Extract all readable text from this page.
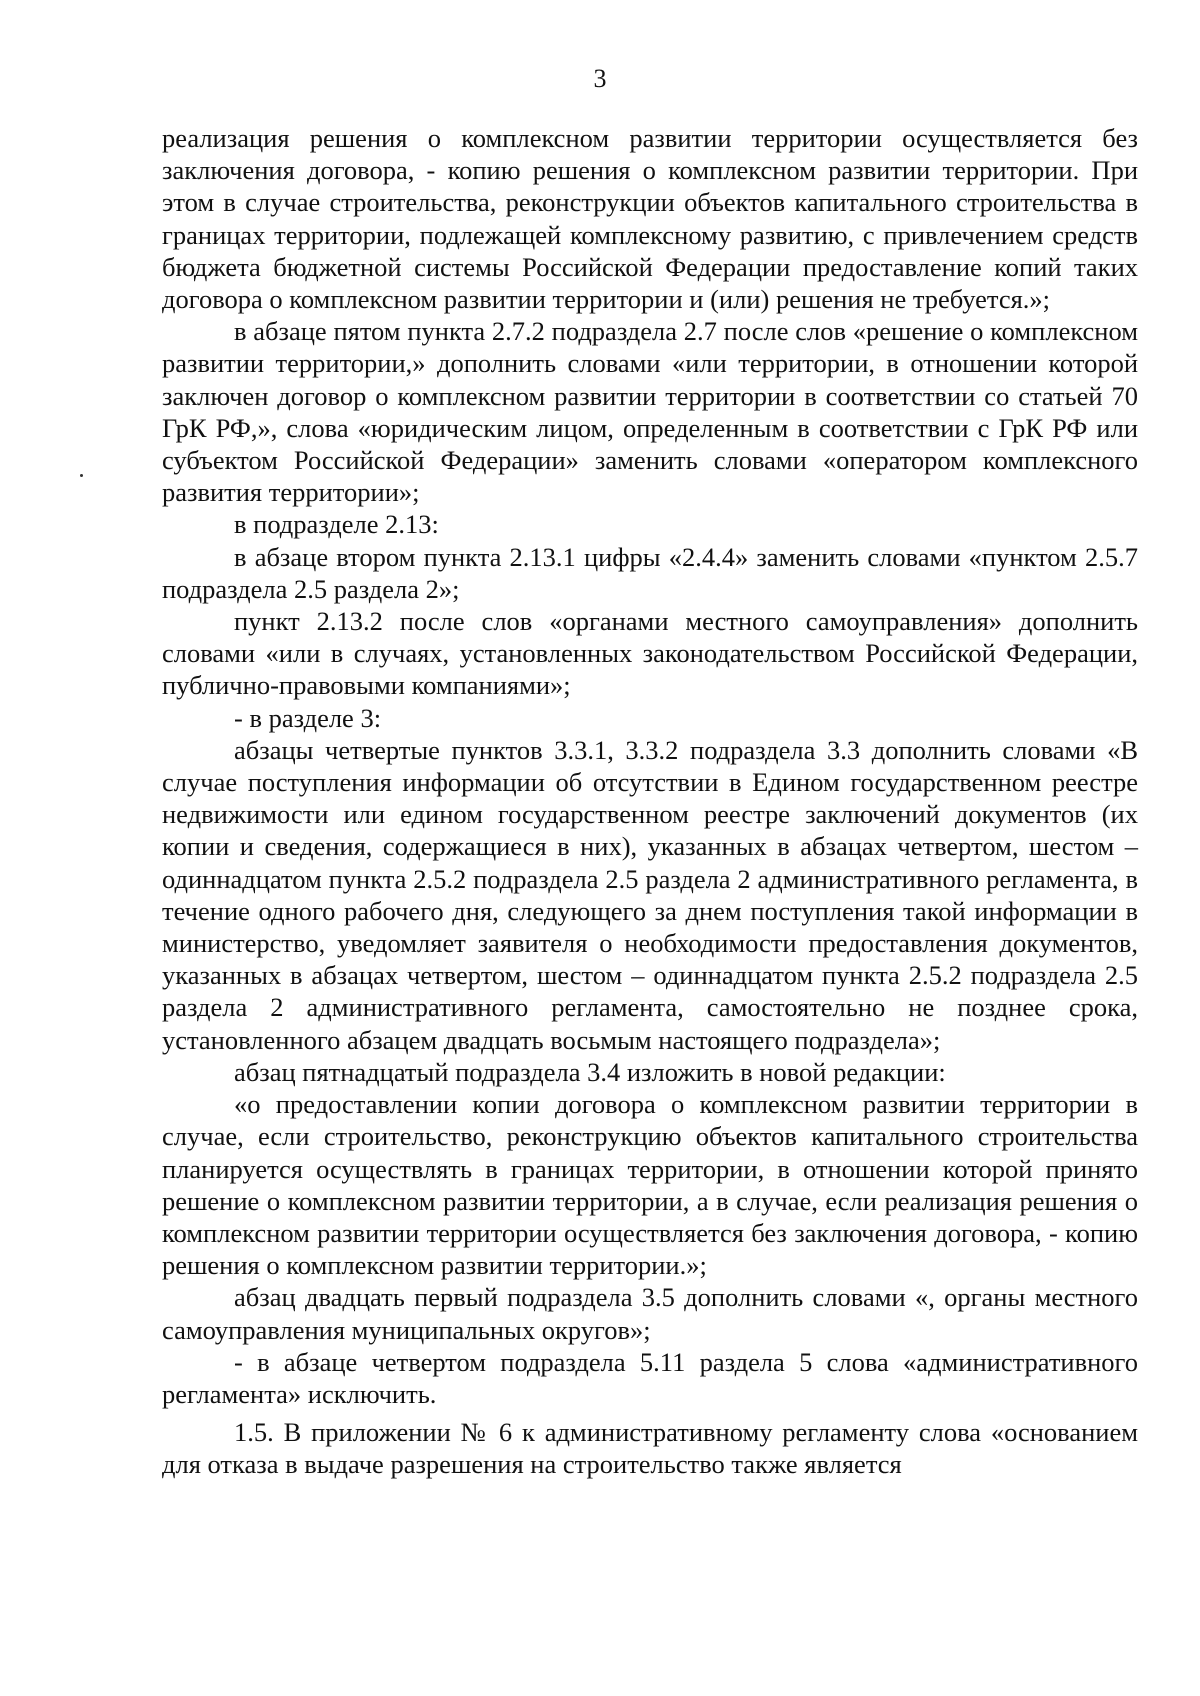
3

реализация решения о комплексном развитии территории осуществляется без заключения договора, - копию решения о комплексном развитии территории. При этом в случае строительства, реконструкции объектов капитального строительства в границах территории, подлежащей комплексному развитию, с привлечением средств бюджета бюджетной системы Российской Федерации предоставление копий таких договора о комплексном развитии территории и (или) решения не требуется.»;

в абзаце пятом пункта 2.7.2 подраздела 2.7 после слов «решение о комплексном развитии территории,» дополнить словами «или территории, в отношении которой заключен договор о комплексном развитии территории в соответствии со статьей 70 ГрК РФ,», слова «юридическим лицом, определенным в соответствии с ГрК РФ или субъектом Российской Федерации» заменить словами «оператором комплексного развития территории»;

в подразделе 2.13:

в абзаце втором пункта 2.13.1 цифры «2.4.4» заменить словами «пунктом 2.5.7 подраздела 2.5 раздела 2»;

пункт 2.13.2 после слов «органами местного самоуправления» дополнить словами «или в случаях, установленных законодательством Российской Федерации, публично-правовыми компаниями»;

- в разделе 3:

абзацы четвертые пунктов 3.3.1, 3.3.2 подраздела 3.3 дополнить словами «В случае поступления информации об отсутствии в Едином государственном реестре недвижимости или едином государственном реестре заключений документов (их копии и сведения, содержащиеся в них), указанных в абзацах четвертом, шестом – одиннадцатом пункта 2.5.2 подраздела 2.5 раздела 2 административного регламента, в течение одного рабочего дня, следующего за днем поступления такой информации в министерство, уведомляет заявителя о необходимости предоставления документов, указанных в абзацах четвертом, шестом – одиннадцатом пункта 2.5.2 подраздела 2.5 раздела 2 административного регламента, самостоятельно не позднее срока, установленного абзацем двадцать восьмым настоящего подраздела»;

абзац пятнадцатый подраздела 3.4 изложить в новой редакции:

«о предоставлении копии договора о комплексном развитии территории в случае, если строительство, реконструкцию объектов капитального строительства планируется осуществлять в границах территории, в отношении которой принято решение о комплексном развитии территории, а в случае, если реализация решения о комплексном развитии территории осуществляется без заключения договора, - копию решения о комплексном развитии территории.»;

абзац двадцать первый подраздела 3.5 дополнить словами «, органы местного самоуправления муниципальных округов»;

- в абзаце четвертом подраздела 5.11 раздела 5 слова «административного регламента» исключить.

1.5. В приложении № 6 к административному регламенту слова «основанием для отказа в выдаче разрешения на строительство также является
